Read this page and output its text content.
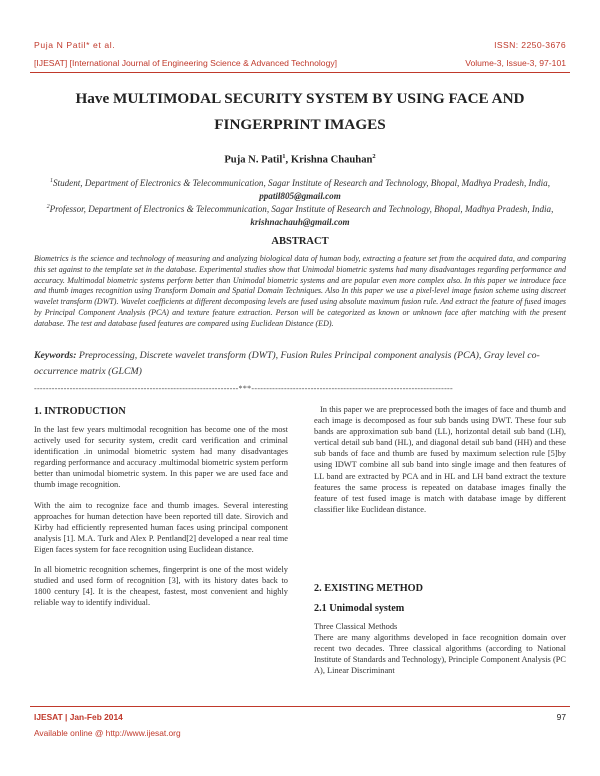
Puja N Patil* et al.	ISSN: 2250-3676
[IJESAT] [International Journal of Engineering Science & Advanced Technology]	Volume-3, Issue-3, 97-101
Have MULTIMODAL SECURITY SYSTEM BY USING FACE AND
FINGERPRINT IMAGES
Puja N. Patil$^1$, Krishna Chauhan$^2$
$^1$Student, Department of Electronics & Telecommunication, Sagar Institute of Research and Technology, Bhopal, Madhya Pradesh, India, ppatil805@gmail.com
$^2$Professor, Department of Electronics & Telecommunication, Sagar Institute of Research and Technology, Bhopal, Madhya Pradesh, India, krishnachauh@gmail.com
ABSTRACT
Biometrics is the science and technology of measuring and analyzing biological data of human body, extracting a feature set from the acquired data, and comparing this set against to the template set in the database. Experimental studies show that Unimodal biometric systems had many disadvantages regarding performance and accuracy. Multimodal biometric systems perform better than Unimodal biometric systems and are popular even more complex also. In this paper we introduce face and thumb images recognition using Transform Domain and Spatial Domain Techniques. Also In this paper we use a pixel-level image fusion scheme using discreet wavelet transform (DWT). Wavelet coefficients at different decomposing levels are fused using absolute maximum fusion rule. And extract the feature of fused images by Principal Component Analysis (PCA) and texture feature extraction. Person will be categorized as known or unknown face after matching with the present database. The test and database fused features are compared using Euclidean Distance (ED).
Keywords: Preprocessing, Discrete wavelet transform (DWT), Fusion Rules Principal component analysis (PCA), Gray level co-occurrence matrix (GLCM)
---------------------------------------------------------------------***--------------------------------------------------------------------
1. INTRODUCTION

In the last few years multimodal recognition has become one of the most actively used for security system, credit card verification and criminal identification .in unimodal biometric system had many disadvantages regarding performance and accuracy .multimodal biometric system perform better than unimodal biometric system. In this paper we are used face and thumb image recognition.

With the aim to recognize face and thumb images. Several interesting approaches for human detection have been reported till date. Sirovich and Kirby had efficiently represented human faces using principal component analysis [1]. M.A. Turk and Alex P. Pentland[2] developed a near real time Eigen faces system for face recognition using Euclidean distance.

In all biometric recognition schemes, fingerprint is one of the most widely studied and used form of recognition [3], with its history dates back to 1800 century [4]. It is the cheapest, fastest, most convenient and highly reliable way to identify individual.

In this paper we are preprocessed both the images of face and thumb and each image is decomposed as four sub bands using DWT. These four sub bands are approximation sub band (LL), horizontal detail sub band (LH), vertical detail sub band (HL), and diagonal detail sub band (HH) and these sub bands of face and thumb are fused by maximum selection rule [5]by using IDWT combine all sub band into single image and then features of LL band are extracted by PCA and in HL and LH band extract the texture features the same process is repeated on database images finally the feature of test fused image is match with database image by different classifier like Euclidean distance.

2. EXISTING METHOD
2.1 Unimodal system

Three Classical Methods

There are many algorithms developed in face recognition domain over recent two decades. Three classical algorithms (according to National Institute of Standards and Technology), Principle Component Analysis (PC A), Linear Discriminant

IJESAT | Jan-Feb 2014	97
Available online @ http://www.ijesat.org
